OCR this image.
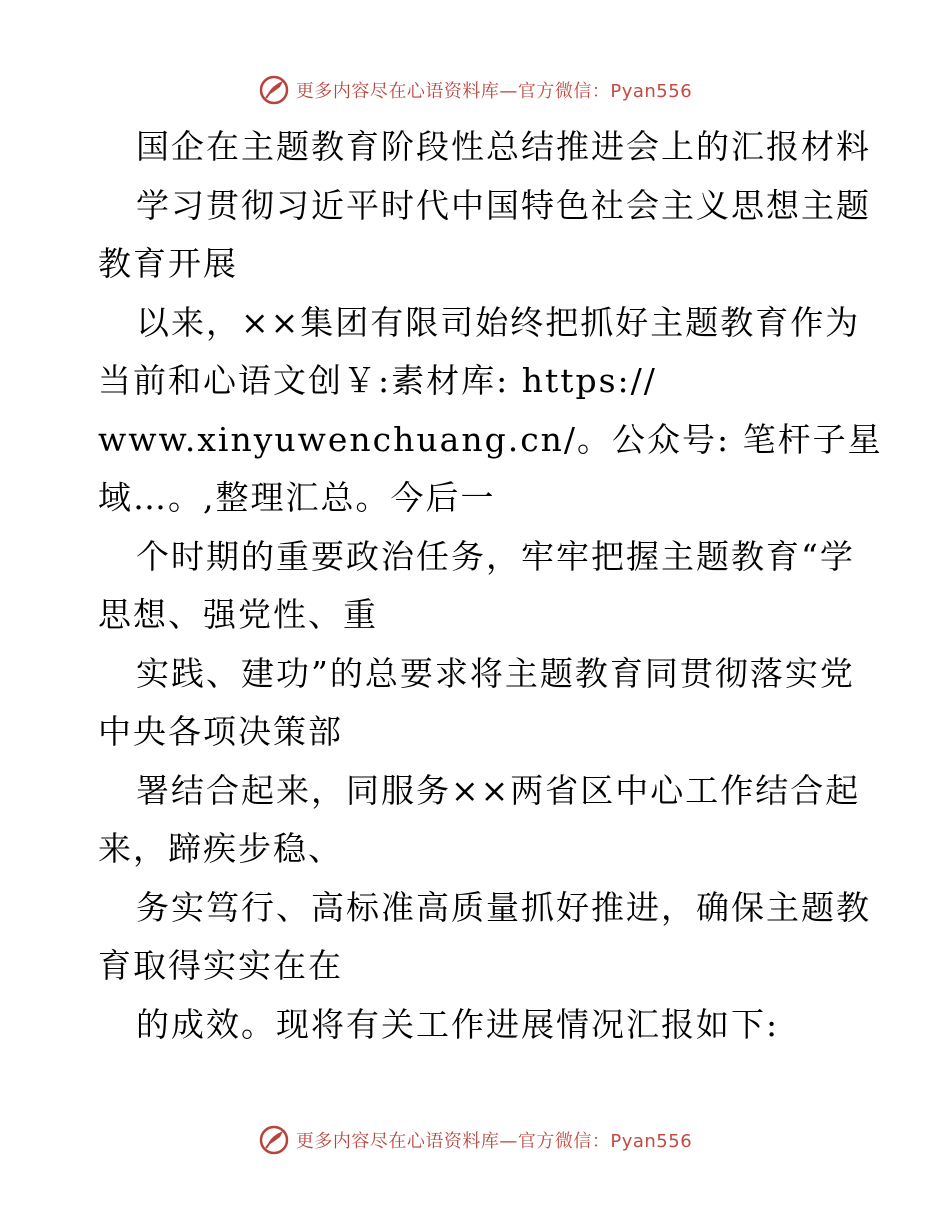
更多内容尽在心语资料库—官方微信：Pyan556
国企在主题教育阶段性总结推进会上的汇报材料
学习贯彻习近平时代中国特色社会主义思想主题
教育开展
以来，××集团有限司始终把抓好主题教育作为
当前和心语文创￥:素材库: https://
www.xinyuwenchuang.cn/。公众号: 笔杆子星
域…。,整理汇总。今后一
个时期的重要政治任务，牢牢把握主题教育“学
思想、强党性、重
实践、建功”的总要求将主题教育同贯彻落实党
中央各项决策部
署结合起来，同服务××两省区中心工作结合起
来，蹄疾步稳、
务实笃行、高标准高质量抓好推进，确保主题教
育取得实实在在
的成效。现将有关工作进展情况汇报如下:
更多内容尽在心语资料库—官方微信：Pyan556
